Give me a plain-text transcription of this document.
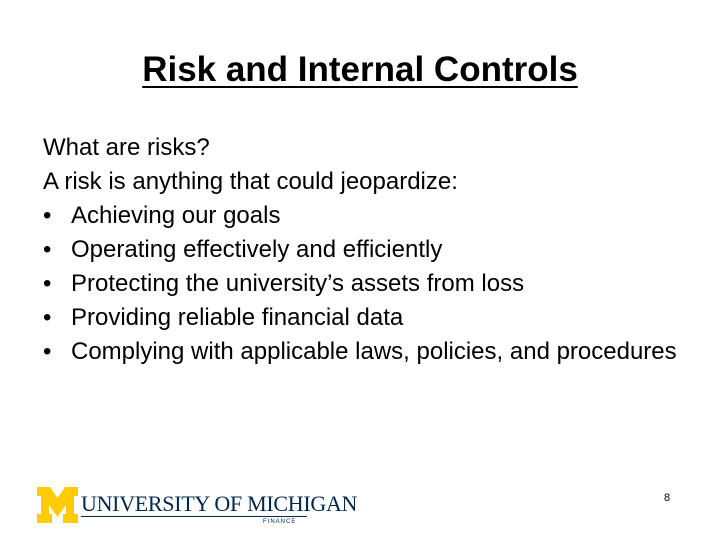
Risk and Internal Controls
What are risks?
A risk is anything that could jeopardize:
• Achieving our goals
• Operating effectively and efficiently
• Protecting the university’s assets from loss
• Providing reliable financial data
• Complying with applicable laws, policies, and procedures
UNIVERSITY OF MICHIGAN
FINANCE
8
